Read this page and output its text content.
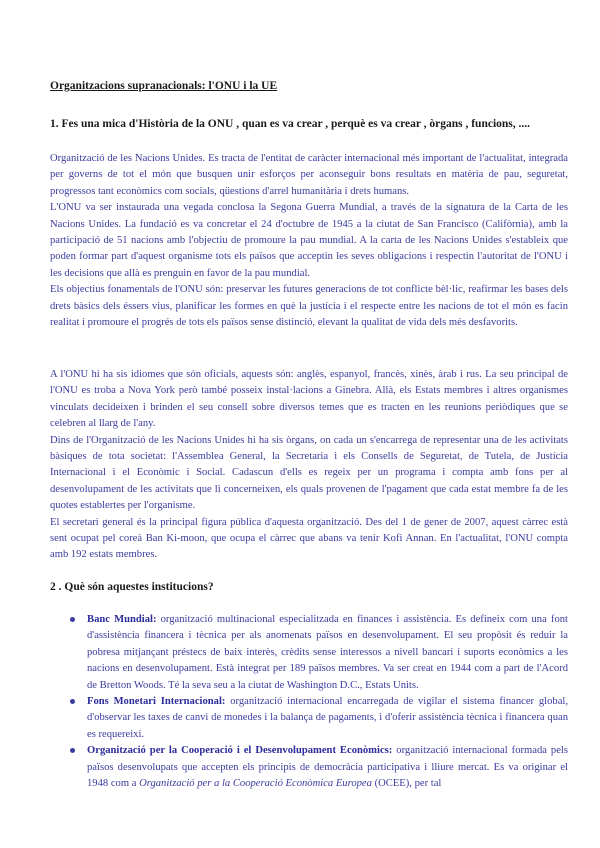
Organitzacions supranacionals: l'ONU i la UE

1. Fes una mica d'Història de la ONU , quan es va crear , perquè es va crear , òrgans , funcions, ....

Organització de les Nacions Unides. Es tracta de l'entitat de caràcter internacional més important de l'actualitat, integrada per governs de tot el món que busquen unir esforços per aconseguir bons resultats en matèria de pau, seguretat, progressos tant econòmics com socials, qüestions d'arrel humanitària i drets humans.

L'ONU va ser instaurada una vegada conclosa la Segona Guerra Mundial, a través de la signatura de la Carta de les Nacions Unides. La fundació es va concretar el 24 d'octubre de 1945 a la ciutat de San Francisco (Califòrnia), amb la participació de 51 nacions amb l'objectiu de promoure la pau mundial. A la carta de les Nacions Unides s'estableix que poden formar part d'aquest organisme tots els països que acceptin les seves obligacions i respectin l'autoritat de l'ONU i les decisions que allà es prenguin en favor de la pau mundial.

Els objectius fonamentals de l'ONU són: preservar les futures generacions de tot conflicte bèl·lic, reafirmar les bases dels drets bàsics dels éssers vius, planificar les formes en què la justícia i el respecte entre les nacions de tot el món es facin realitat i promoure el progrés de tots els països sense distinció, elevant la qualitat de vida dels més desfavorits.

A l'ONU hi ha sis idiomes que són oficials, aquests són: anglès, espanyol, francès, xinès, àrab i rus. La seu principal de l'ONU es troba a Nova York però també posseix instal·lacions a Ginebra. Allà, els Estats membres i altres organismes vinculats decideixen i brinden el seu consell sobre diversos temes que es tracten en les reunions periòdiques que se celebren al llarg de l'any.

Dins de l'Organització de les Nacions Unides hi ha sis òrgans, on cada un s'encarrega de representar una de les activitats bàsiques de tota societat: l'Assemblea General, la Secretaria i els Consells de Seguretat, de Tutela, de Justícia Internacional i el Econòmic i Social. Cadascun d'ells es regeix per un programa i compta amb fons per al desenvolupament de les activitats que li concerneixen, els quals provenen de l'pagament que cada estat membre fa de les quotes establertes per l'organisme.

El secretari general és la principal figura pública d'aquesta organització. Des del 1 de gener de 2007, aquest càrrec està sent ocupat pel coreà Ban Ki-moon, que ocupa el càrrec que abans va tenir Kofi Annan. En l'actualitat, l'ONU compta amb 192 estats membres.

2 . Què són aquestes institucions?

Banc Mundial: organització multinacional especialitzada en finances i assistència. Es defineix com una font d'assistència financera i tècnica per als anomenats països en desenvolupament. El seu propòsit és reduir la pobresa mitjançant préstecs de baix interès, crèdits sense interessos a nivell bancari i suports econòmics a les nacions en desenvolupament. Està integrat per 189 països membres. Va ser creat en 1944 com a part de l'Acord de Bretton Woods. Té la seva seu a la ciutat de Washington D.C., Estats Units.
Fons Monetari Internacional: organització internacional encarregada de vigilar el sistema financer global, d'observar les taxes de canvi de monedes i la balança de pagaments, i d'oferir assistència tècnica i financera quan es requereixi.
Organització per la Cooperació i el Desenvolupament Econòmics: organització internacional formada pels països desenvolupats que accepten els principis de democràcia participativa i lliure mercat. Es va originar el 1948 com a Organització per a la Cooperació Econòmica Europea (OCEE), per tal
